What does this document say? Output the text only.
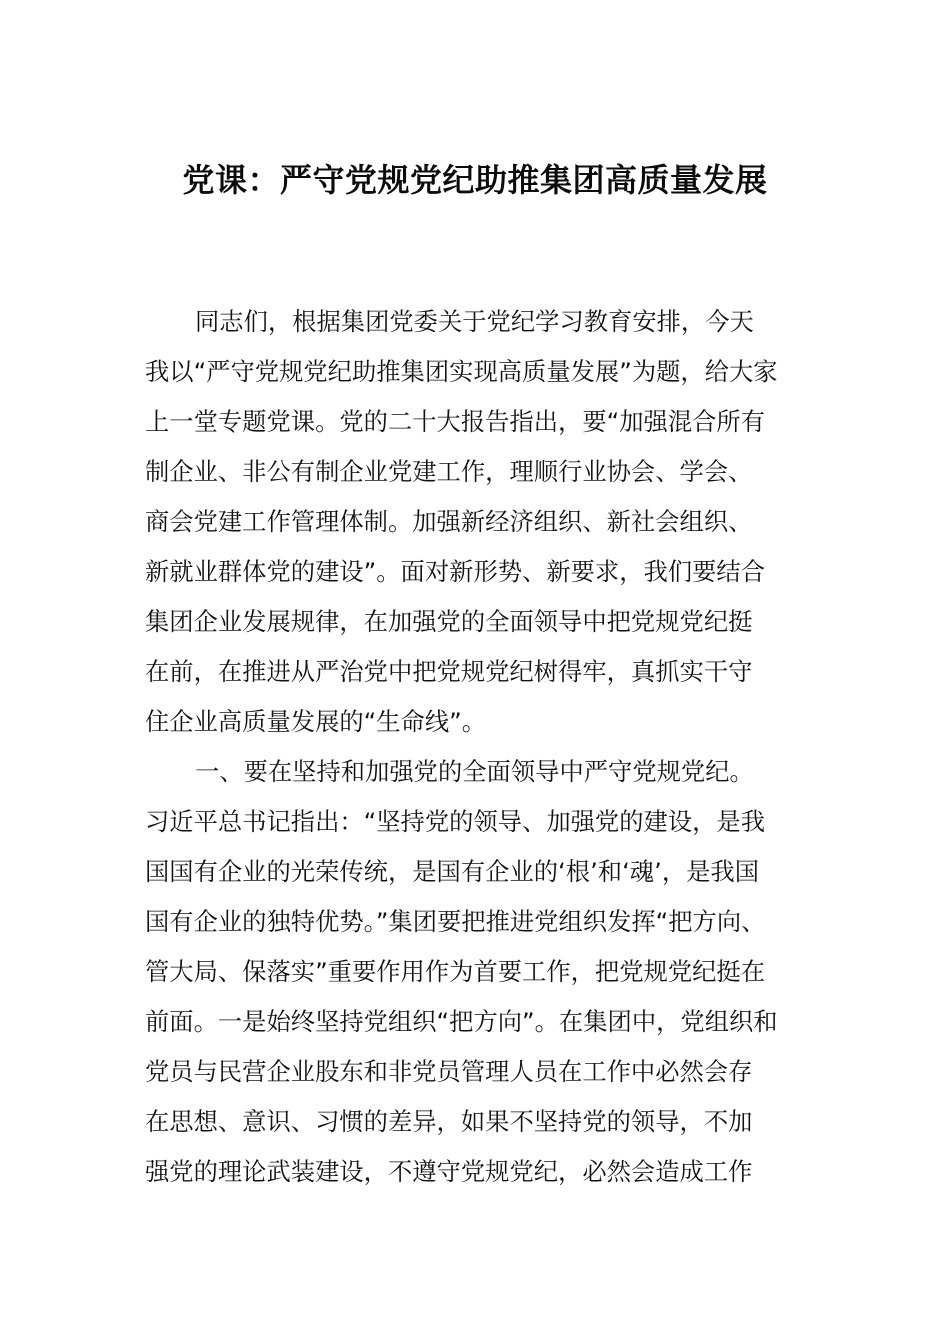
党课：严守党规党纪助推集团高质量发展
同志们，根据集团党委关于党纪学习教育安排，今天
我以“严守党规党纪助推集团实现高质量发展”为题，给大家
上一堂专题党课。党的二十大报告指出，要“加强混合所有
制企业、非公有制企业党建工作，理顺行业协会、学会、
商会党建工作管理体制。加强新经济组织、新社会组织、
新就业群体党的建设”。面对新形势、新要求，我们要结合
集团企业发展规律，在加强党的全面领导中把党规党纪挺
在前，在推进从严治党中把党规党纪树得牢，真抓实干守
住企业高质量发展的“生命线”。
一、要在坚持和加强党的全面领导中严守党规党纪。
习近平总书记指出：“坚持党的领导、加强党的建设，是我
国国有企业的光荣传统，是国有企业的‘根’和‘魂’，是我国
国有企业的独特优势。”集团要把推进党组织发挥“把方向、
管大局、保落实”重要作用作为首要工作，把党规党纪挺在
前面。一是始终坚持党组织“把方向”。在集团中，党组织和
党员与民营企业股东和非党员管理人员在工作中必然会存
在思想、意识、习惯的差异，如果不坚持党的领导，不加
强党的理论武装建设，不遵守党规党纪，必然会造成工作
